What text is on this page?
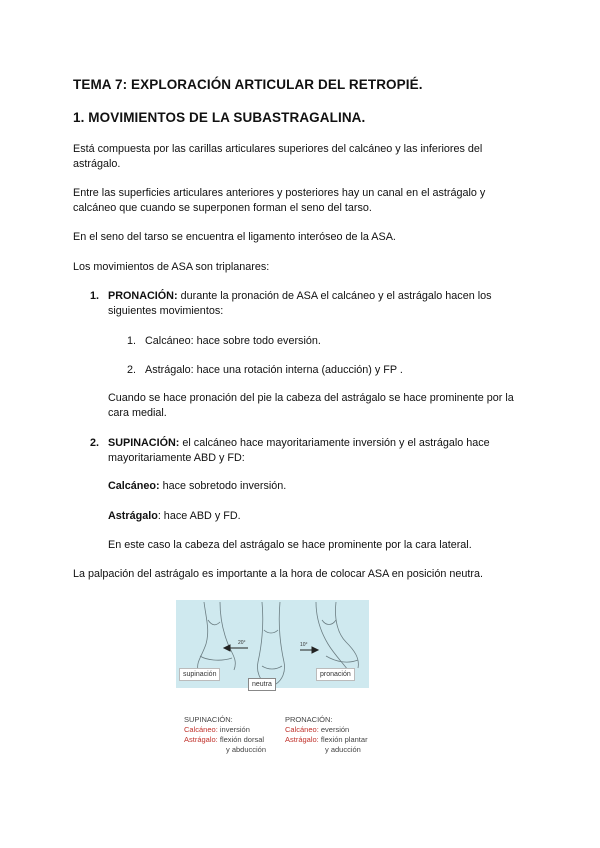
TEMA 7: EXPLORACIÓN ARTICULAR DEL RETROPIÉ.
1. MOVIMIENTOS DE LA SUBASTRAGALINA.
Está compuesta por las carillas articulares superiores del calcáneo y las inferiores del
astrágalo.
Entre las superficies articulares anteriores y posteriores hay un canal en el astrágalo y
calcáneo que cuando se superponen forman el seno del tarso.
En el seno del tarso se encuentra el ligamento interóseo de la ASA.
Los movimientos de ASA son triplanares:
1. PRONACIÓN: durante la pronación de ASA el calcáneo y el astrágalo hacen los
siguientes movimientos:
1. Calcáneo: hace sobre todo eversión.
2. Astrágalo: hace una rotación interna (aducción) y FP .
Cuando se hace pronación del pie la cabeza del astrágalo se hace prominente por la
cara medial.
2. SUPINACIÓN: el calcáneo hace mayoritariamente inversión y el astrágalo hace
mayoritariamente ABD y FD:
Calcáneo: hace sobretodo inversión.
Astrágalo: hace ABD y FD.
En este caso la cabeza del astrágalo se hace prominente por la cara lateral.
La palpación del astrágalo es importante a la hora de colocar ASA en posición neutra.
20°	10°
supinación
neutra
pronación
SUPINACIÓN:
Calcáneo: inversión
Astrágalo: flexión dorsal
y abducción
PRONACIÓN:
Calcáneo: eversión
Astrágalo: flexión plantar
y aducción
